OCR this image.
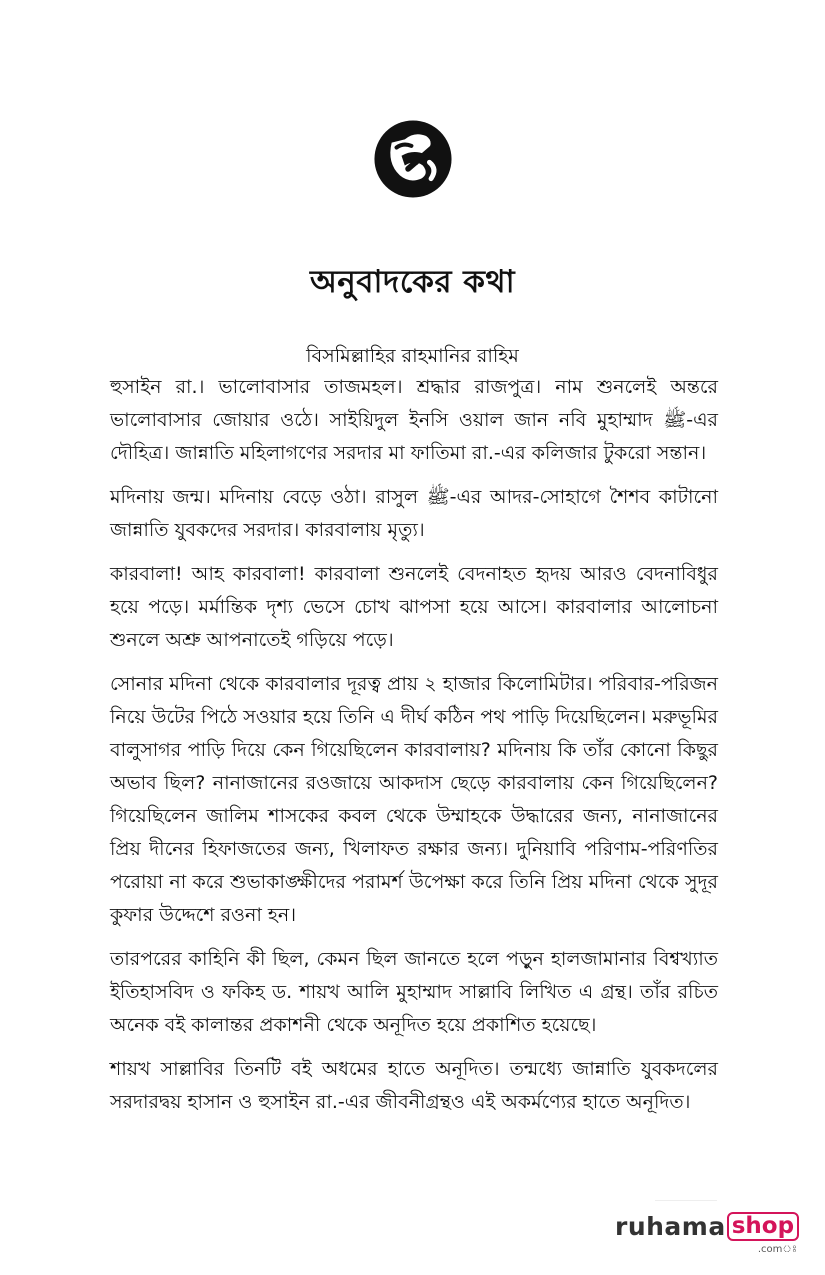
অনুবাদকের কথা
বিসমিল্লাহির রাহমানির রাহিম

হুসাইন রা.। ভালোবাসার তাজমহল। শ্রদ্ধার রাজপুত্র। নাম শুনলেই অন্তরে ভালোবাসার জোয়ার ওঠে। সাইয়িদুল ইনসি ওয়াল জান নবি মুহাম্মাদ ﷺ-এর দৌহিত্র। জান্নাতি মহিলাগণের সরদার মা ফাতিমা রা.-এর কলিজার টুকরো সন্তান।

মদিনায় জন্ম। মদিনায় বেড়ে ওঠা। রাসুল ﷺ-এর আদর-সোহাগে শৈশব কাটানো জান্নাতি যুবকদের সরদার। কারবালায় মৃত্যু।

কারবালা! আহ কারবালা! কারবালা শুনলেই বেদনাহত হৃদয় আরও বেদনাবিধুর হয়ে পড়ে। মর্মান্তিক দৃশ্য ভেসে চোখ ঝাপসা হয়ে আসে। কারবালার আলোচনা শুনলে অশ্রু আপনাতেই গড়িয়ে পড়ে।

সোনার মদিনা থেকে কারবালার দূরত্ব প্রায় ২ হাজার কিলোমিটার। পরিবার-পরিজন নিয়ে উটের পিঠে সওয়ার হয়ে তিনি এ দীর্ঘ কঠিন পথ পাড়ি দিয়েছিলেন। মরুভূমির বালুসাগর পাড়ি দিয়ে কেন গিয়েছিলেন কারবালায়? মদিনায় কি তাঁর কোনো কিছুর অভাব ছিল? নানাজানের রওজায়ে আকদাস ছেড়ে কারবালায় কেন গিয়েছিলেন? গিয়েছিলেন জালিম শাসকের কবল থেকে উম্মাহকে উদ্ধারের জন্য, নানাজানের প্রিয় দীনের হিফাজতের জন্য, খিলাফত রক্ষার জন্য। দুনিয়াবি পরিণাম-পরিণতির পরোয়া না করে শুভাকাঙ্ক্ষীদের পরামর্শ উপেক্ষা করে তিনি প্রিয় মদিনা থেকে সুদূর কুফার উদ্দেশে রওনা হন।

তারপরের কাহিনি কী ছিল, কেমন ছিল জানতে হলে পড়ুন হালজামানার বিশ্বখ্যাত ইতিহাসবিদ ও ফকিহ ড. শায়খ আলি মুহাম্মাদ সাল্লাবি লিখিত এ গ্রন্থ। তাঁর রচিত অনেক বই কালান্তর প্রকাশনী থেকে অনূদিত হয়ে প্রকাশিত হয়েছে।

শায়খ সাল্লাবির তিনটি বই অধমের হাতে অনূদিত। তন্মধ্যে জান্নাতি যুবকদলের সরদারদ্বয় হাসান ও হুসাইন রা.-এর জীবনীগ্রন্থও এই অকর্মণ্যের হাতে অনূদিত।

ruhama shop
.comঃ
